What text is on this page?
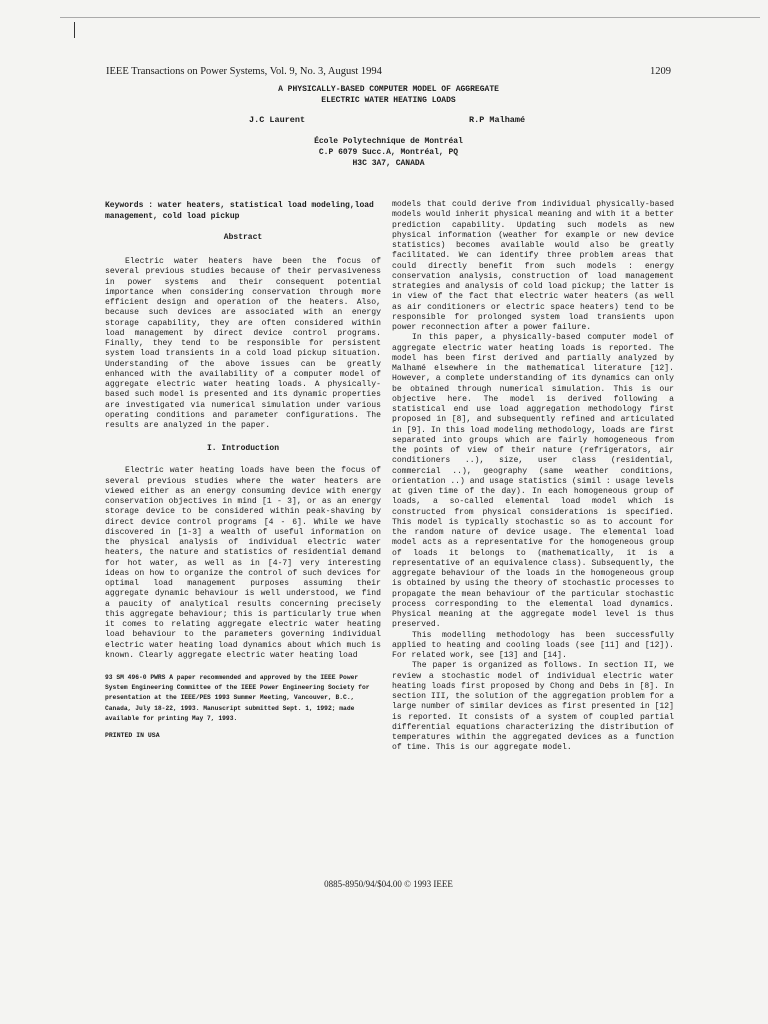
IEEE Transactions on Power Systems, Vol. 9, No. 3, August 1994	1209
A PHYSICALLY-BASED COMPUTER MODEL OF AGGREGATE
ELECTRIC WATER HEATING LOADS
J.C Laurent	R.P Malhamé
École Polytechnique de Montréal
C.P 6079 Succ.A, Montréal, PQ
H3C 3A7, CANADA

Keywords : water heaters, statistical load modeling,load management, cold load pickup

Abstract

Electric water heaters have been the focus of several previous studies because of their pervasiveness in power systems and their consequent potential importance when considering conservation through more efficient design and operation of the heaters. Also, because such devices are associated with an energy storage capability, they are often considered within load management by direct device control programs. Finally, they tend to be responsible for persistent system load transients in a cold load pickup situation. Understanding of the above issues can be greatly enhanced with the availability of a computer model of aggregate electric water heating loads. A physically-based such model is presented and its dynamic properties are investigated via numerical simulation under various operating conditions and parameter configurations. The results are analyzed in the paper.

I. Introduction

Electric water heating loads have been the focus of several previous studies where the water heaters are viewed either as an energy consuming device with energy conservation objectives in mind [1 - 3], or as an energy storage device to be considered within peak-shaving by direct device control programs [4 - 6]. While we have discovered in [1-3] a wealth of useful information on the physical analysis of individual electric water heaters, the nature and statistics of residential demand for hot water, as well as in [4-7] very interesting ideas on how to organize the control of such devices for optimal load management purposes assuming their aggregate dynamic behaviour is well understood, we find a paucity of analytical results concerning precisely this aggregate behaviour; this is particularly true when it comes to relating aggregate electric water heating load behaviour to the parameters governing individual electric water heating load dynamics about which much is known. Clearly aggregate electric water heating load

93 SM 496-0 PWRS A paper recommended and approved by the IEEE Power System Engineering Committee of the IEEE Power Engineering Society for presentation at the IEEE/PES 1993 Summer Meeting, Vancouver, B.C., Canada, July 18-22, 1993. Manuscript submitted Sept. 1, 1992; made available for printing May 7, 1993.

PRINTED IN USA

models that could derive from individual physically-based models would inherit physical meaning and with it a better prediction capability. Updating such models as new physical information (weather for example or new device statistics) becomes available would also be greatly facilitated. We can identify three problem areas that could directly benefit from such models : energy conservation analysis, construction of load management strategies and analysis of cold load pickup; the latter is in view of the fact that electric water heaters (as well as air conditioners or electric space heaters) tend to be responsible for prolonged system load transients upon power reconnection after a power failure.

In this paper, a physically-based computer model of aggregate electric water heating loads is reported. The model has been first derived and partially analyzed by Malhamé elsewhere in the mathematical literature [12]. However, a complete understanding of its dynamics can only be obtained through numerical simulation. This is our objective here. The model is derived following a statistical end use load aggregation methodology first proposed in [8], and subsequently refined and articulated in [9]. In this load modeling methodology, loads are first separated into groups which are fairly homogeneous from the points of view of their nature (refrigerators, air conditioners ..), size, user class (residential, commercial ..), geography (same weather conditions, orientation ..) and usage statistics (simil : usage levels at given time of the day). In each homogeneous group of loads, a so-called elemental load model which is constructed from physical considerations is specified. This model is typically stochastic so as to account for the random nature of device usage. The elemental load model acts as a representative for the homogeneous group of loads it belongs to (mathematically, it is a representative of an equivalence class). Subsequently, the aggregate behaviour of the loads in the homogeneous group is obtained by using the theory of stochastic processes to propagate the mean behaviour of the particular stochastic process corresponding to the elemental load dynamics. Physical meaning at the aggregate model level is thus preserved.

This modelling methodology has been successfully applied to heating and cooling loads (see [11] and [12]). For related work, see [13] and [14].

The paper is organized as follows. In section II, we review a stochastic model of individual electric water heating loads first proposed by Chong and Debs in [8]. In section III, the solution of the aggregation problem for a large number of similar devices as first presented in [12] is reported. It consists of a system of coupled partial differential equations characterizing the distribution of temperatures within the aggregated devices as a function of time. This is our aggregate model.

0885-8950/94/$04.00 © 1993 IEEE
